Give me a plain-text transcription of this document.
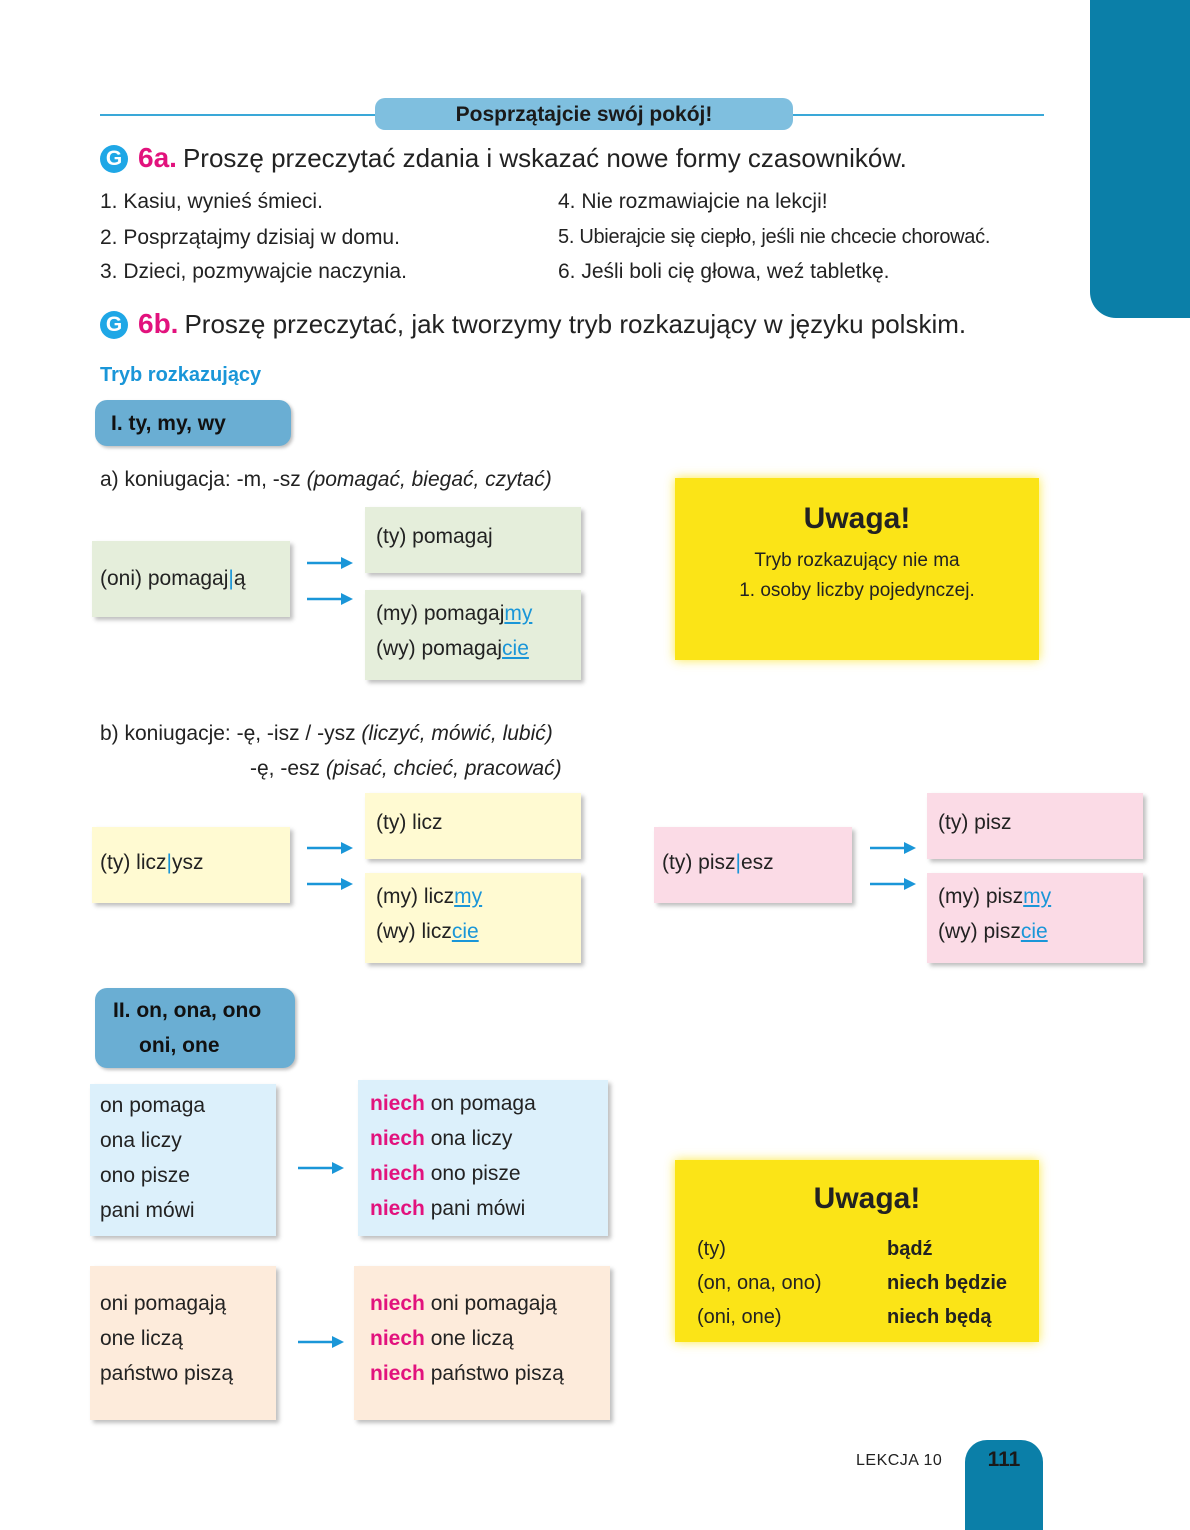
Posprzątajcie swój pokój!
G 6a. Proszę przeczytać zdania i wskazać nowe formy czasowników.
1. Kasiu, wynieś śmieci.
2. Posprzątajmy dzisiaj w domu.
3. Dzieci, pozmywajcie naczynia.
4. Nie rozmawiajcie na lekcji!
5. Ubierajcie się ciepło, jeśli nie chcecie chorować.
6. Jeśli boli cię głowa, weź tabletkę.
G 6b. Proszę przeczytać, jak tworzymy tryb rozkazujący w języku polskim.
Tryb rozkazujący
I. ty, my, wy
a) koniugacja: -m, -sz (pomagać, biegać, czytać)
(oni) pomagaj|ą
(ty) pomagaj
(my) pomagajmy
(wy) pomagajcie
Uwaga!
Tryb rozkazujący nie ma
1. osoby liczby pojedynczej.
b) koniugacje: -ę, -isz / -ysz (liczyć, mówić, lubić)
-ę, -esz (pisać, chcieć, pracować)
(ty) licz|ysz
(ty) licz
(my) liczmy
(wy) liczcie
(ty) pisz|esz
(ty) pisz
(my) piszmy
(wy) piszcie
II. on, ona, ono
oni, one
on pomaga
ona liczy
ono pisze
pani mówi
niech on pomaga
niech ona liczy
niech ono pisze
niech pani mówi
oni pomagają
one liczą
państwo piszą
niech oni pomagają
niech one liczą
niech państwo piszą
Uwaga!
(ty)
(on, ona, ono)
(oni, one)
bądź
niech będzie
niech będą
LEKCJA 10	111
